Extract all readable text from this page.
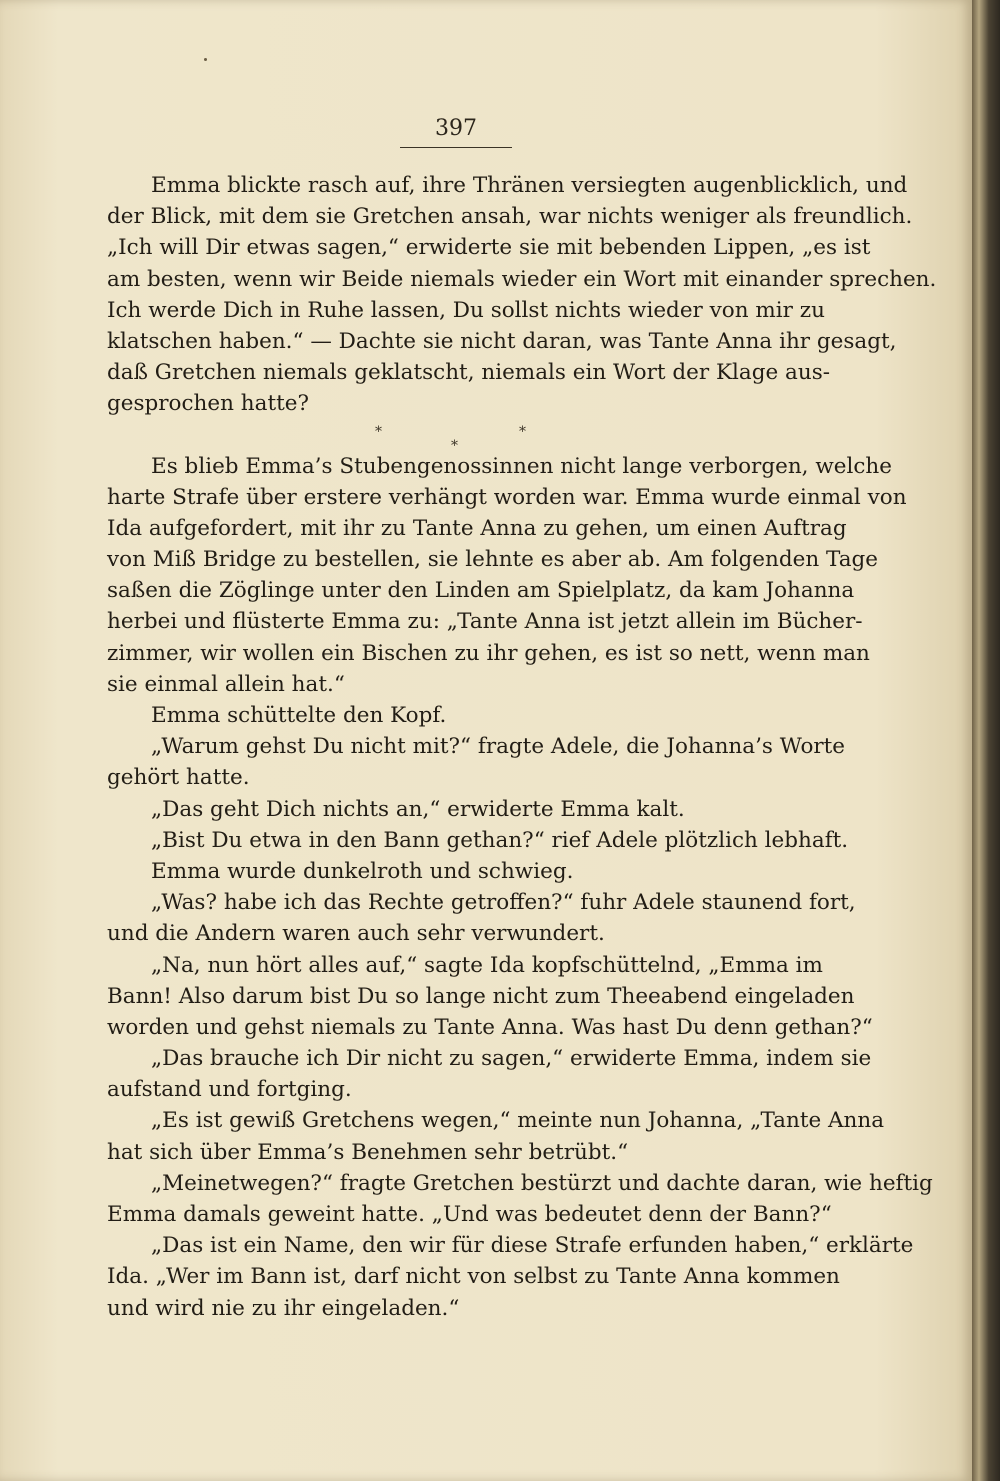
397
Emma blickte rasch auf, ihre Thränen versiegten augenblicklich, und
der Blick, mit dem sie Gretchen ansah, war nichts weniger als freundlich.
„Ich will Dir etwas sagen,“ erwiderte sie mit bebenden Lippen, „es ist
am besten, wenn wir Beide niemals wieder ein Wort mit einander sprechen.
Ich werde Dich in Ruhe lassen, Du sollst nichts wieder von mir zu
klatschen haben.“ — Dachte sie nicht daran, was Tante Anna ihr gesagt,
daß Gretchen niemals geklatscht, niemals ein Wort der Klage aus-
gesprochen hatte?
*
*
*
Es blieb Emma’s Stubengenossinnen nicht lange verborgen, welche
harte Strafe über erstere verhängt worden war. Emma wurde einmal von
Ida aufgefordert, mit ihr zu Tante Anna zu gehen, um einen Auftrag
von Miß Bridge zu bestellen, sie lehnte es aber ab. Am folgenden Tage
saßen die Zöglinge unter den Linden am Spielplatz, da kam Johanna
herbei und flüsterte Emma zu: „Tante Anna ist jetzt allein im Bücher-
zimmer, wir wollen ein Bischen zu ihr gehen, es ist so nett, wenn man
sie einmal allein hat.“
Emma schüttelte den Kopf.
„Warum gehst Du nicht mit?“ fragte Adele, die Johanna’s Worte
gehört hatte.
„Das geht Dich nichts an,“ erwiderte Emma kalt.
„Bist Du etwa in den Bann gethan?“ rief Adele plötzlich lebhaft.
Emma wurde dunkelroth und schwieg.
„Was? habe ich das Rechte getroffen?“ fuhr Adele staunend fort,
und die Andern waren auch sehr verwundert.
„Na, nun hört alles auf,“ sagte Ida kopfschüttelnd, „Emma im
Bann! Also darum bist Du so lange nicht zum Theeabend eingeladen
worden und gehst niemals zu Tante Anna. Was hast Du denn gethan?“
„Das brauche ich Dir nicht zu sagen,“ erwiderte Emma, indem sie
aufstand und fortging.
„Es ist gewiß Gretchens wegen,“ meinte nun Johanna, „Tante Anna
hat sich über Emma’s Benehmen sehr betrübt.“
„Meinetwegen?“ fragte Gretchen bestürzt und dachte daran, wie heftig
Emma damals geweint hatte. „Und was bedeutet denn der Bann?“
„Das ist ein Name, den wir für diese Strafe erfunden haben,“ erklärte
Ida. „Wer im Bann ist, darf nicht von selbst zu Tante Anna kommen
und wird nie zu ihr eingeladen.“
